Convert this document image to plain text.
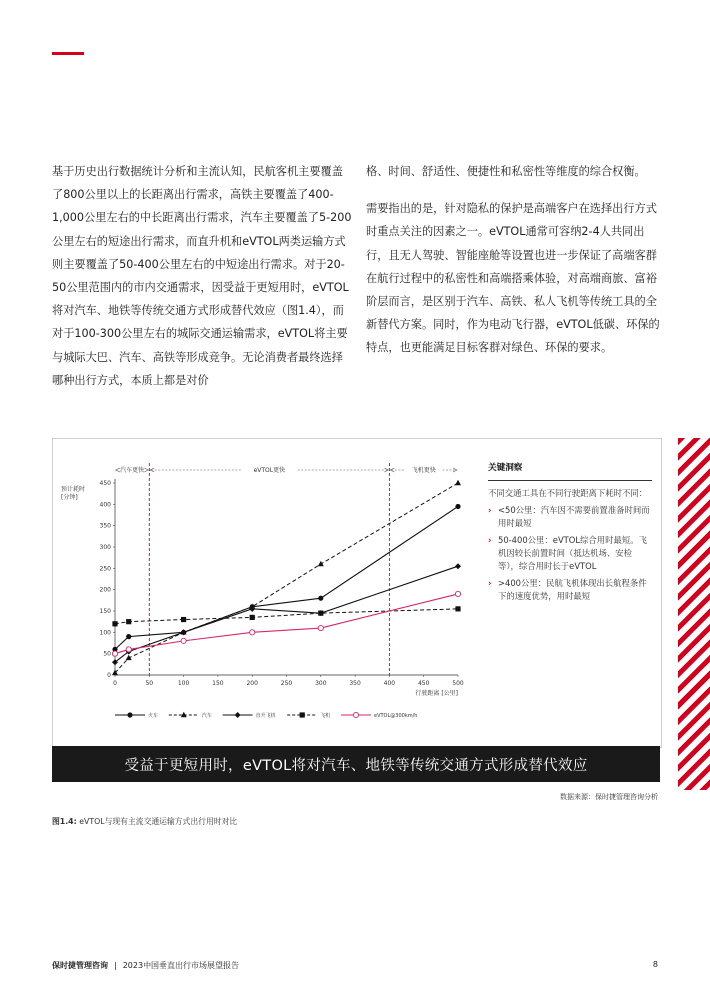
基于历史出行数据统计分析和主流认知，民航客机主要覆盖了800公里以上的长距离出行需求，高铁主要覆盖了400-1,000公里左右的中长距离出行需求，汽车主要覆盖了5-200公里左右的短途出行需求，而直升机和eVTOL两类运输方式则主要覆盖了50-400公里左右的中短途出行需求。对于20-50公里范围内的市内交通需求，因受益于更短用时，eVTOL将对汽车、地铁等传统交通方式形成替代效应（图1.4），而对于100-300公里左右的城际交通运输需求，eVTOL将主要与城际大巴、汽车、高铁等形成竞争。无论消费者最终选择哪种出行方式，本质上都是对价

格、时间、舒适性、便捷性和私密性等维度的综合权衡。

需要指出的是，针对隐私的保护是高端客户在选择出行方式时重点关注的因素之一。eVTOL通常可容纳2-4人共同出行，且无人驾驶、智能座舱等设置也进一步保证了高端客群在航行过程中的私密性和高端搭乘体验，对高端商旅、富裕阶层而言，是区别于汽车、高铁、私人飞机等传统工具的全新替代方案。同时，作为电动飞行器，eVTOL低碳、环保的特点，也更能满足目标客群对绿色、环保的要求。

汽车更快	eVTOL更快	飞机更快
0
50
100
150
200
250
300
350
400
450
0	50	100	150	200	250	300	350	400	450	500
预计耗时
[分钟]
行驶距离 [公里]
火车	汽车	直升飞机	飞机	eVTOL@300km/h
关键洞察
不同交通工具在不同行驶距离下耗时不同：
› <50公里：汽车因不需要前置准备时间而用时最短
› 50-400公里：eVTOL综合用时最短。飞机因较长前置时间（抵达机场、安检等），综合用时长于eVTOL
› >400公里：民航飞机体现出长航程条件下的速度优势，用时最短
受益于更短用时，eVTOL将对汽车、地铁等传统交通方式形成替代效应
数据来源：保时捷管理咨询分析
图1.4: eVTOL与现有主流交通运输方式出行用时对比
保时捷管理咨询 | 2023中国垂直出行市场展望报告	8
